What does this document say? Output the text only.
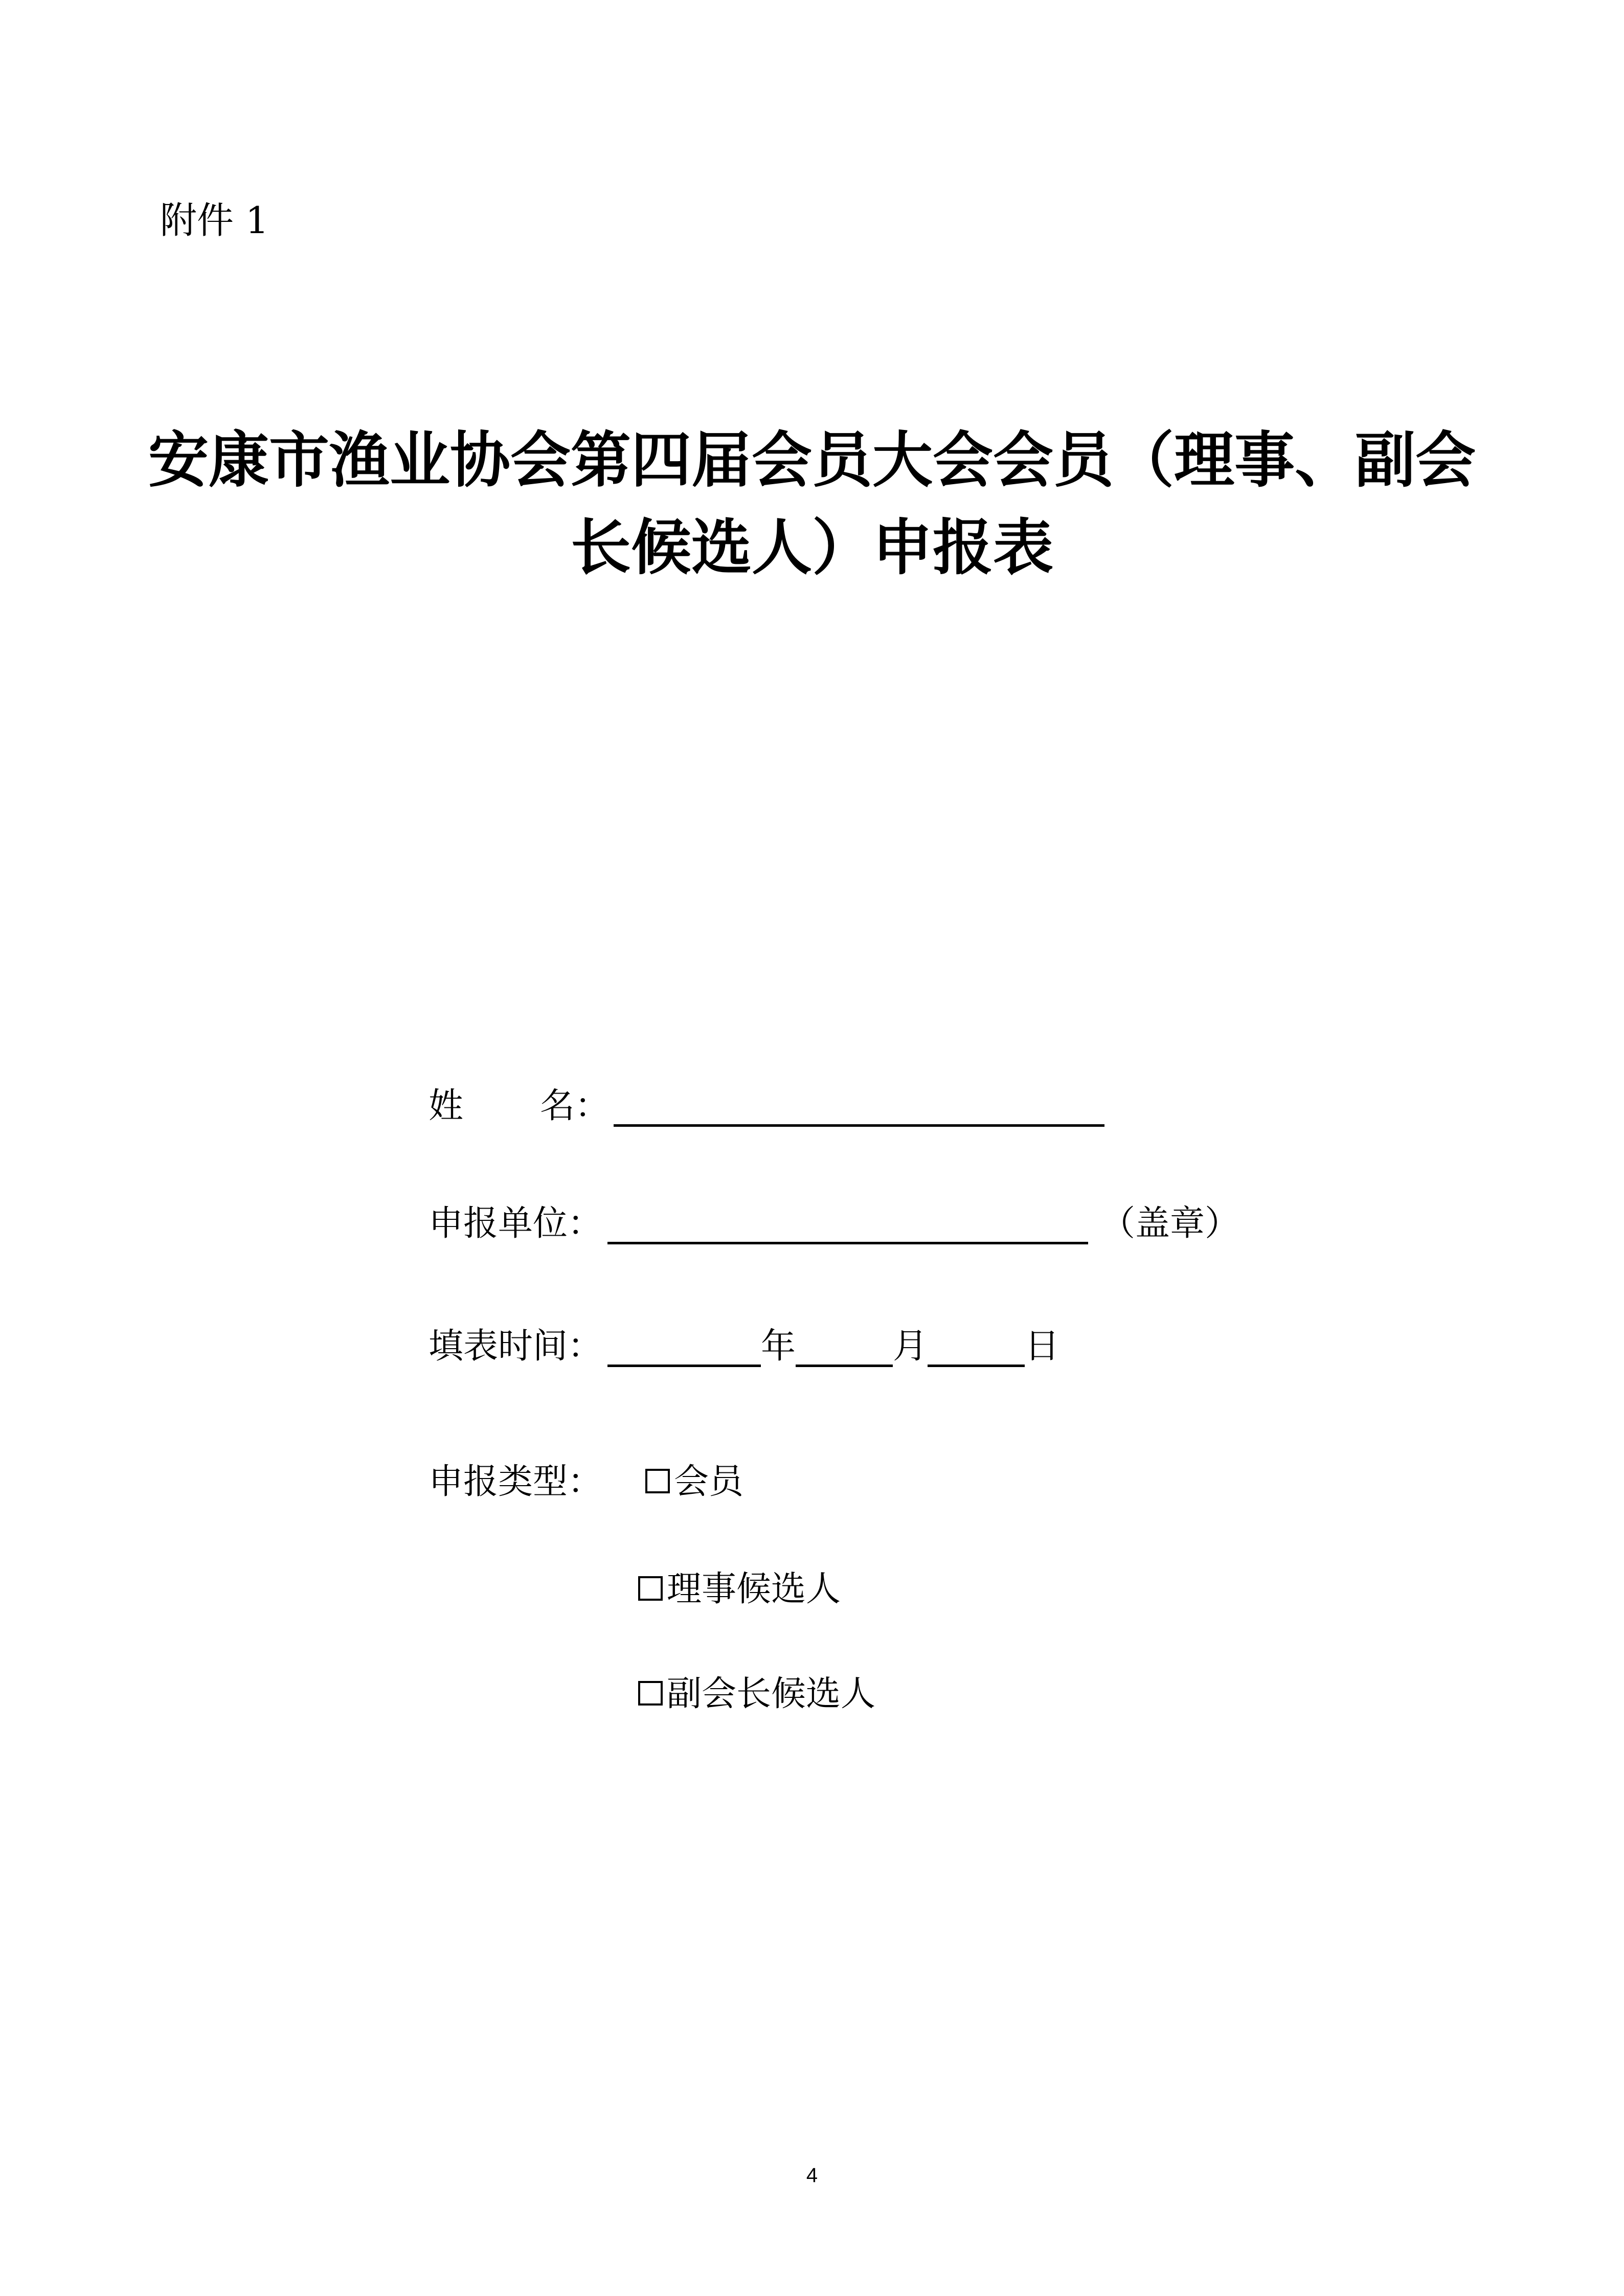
附件 1
安康市渔业协会第四届会员大会会员（理事、副会
长候选人）申报表
姓 名：
申报单位：	（盖章）
填表时间：	年	月	日
申报类型： 会员
理事候选人
副会长候选人
4
